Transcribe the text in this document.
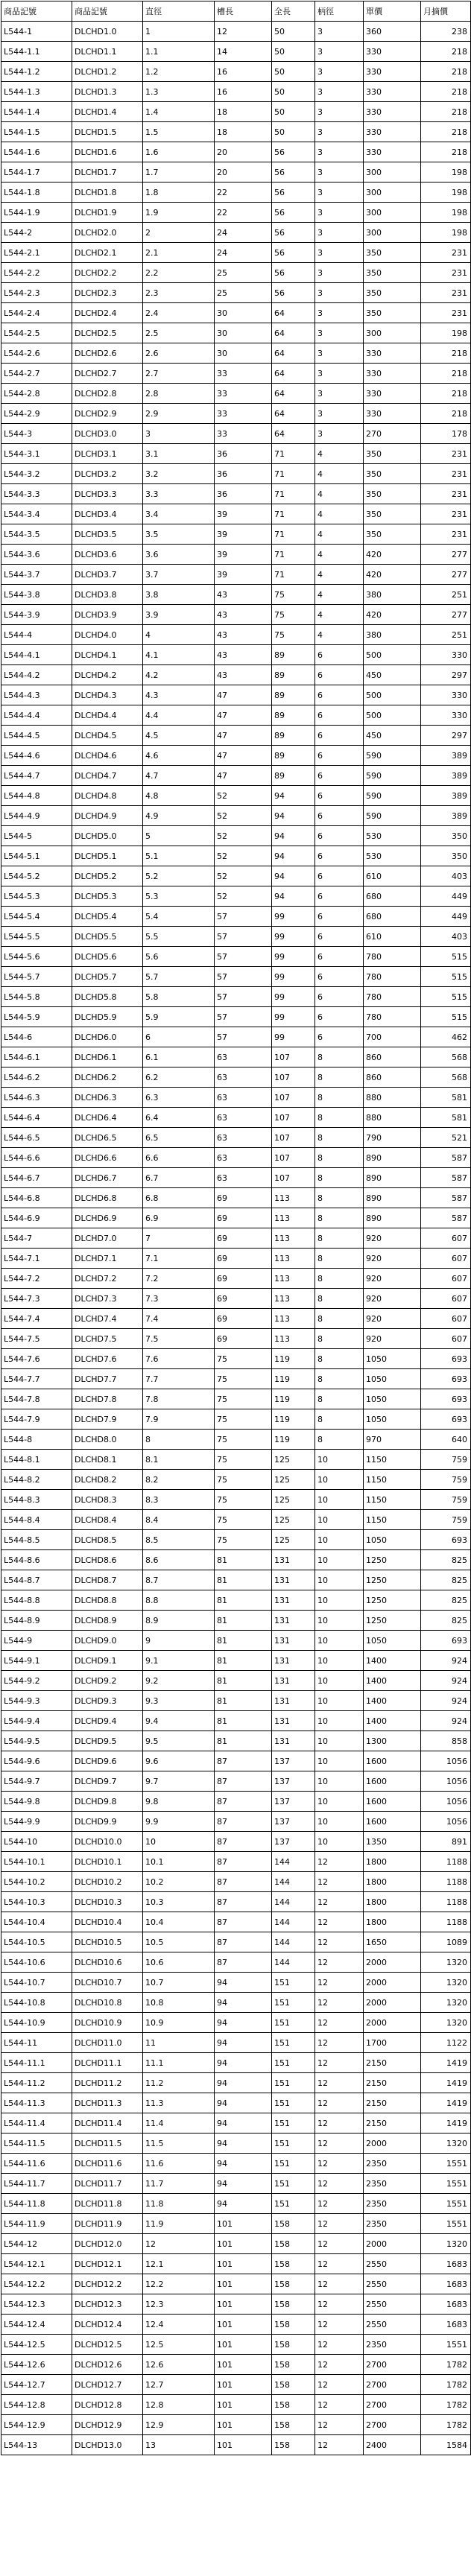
商品記號	商品記號	直徑	槽長	全長	柄徑	單價	月摘價
L544-1	DLCHD1.0	1	12	50	3	360	238
L544-1.1	DLCHD1.1	1.1	14	50	3	330	218
L544-1.2	DLCHD1.2	1.2	16	50	3	330	218
L544-1.3	DLCHD1.3	1.3	16	50	3	330	218
L544-1.4	DLCHD1.4	1.4	18	50	3	330	218
L544-1.5	DLCHD1.5	1.5	18	50	3	330	218
L544-1.6	DLCHD1.6	1.6	20	56	3	330	218
L544-1.7	DLCHD1.7	1.7	20	56	3	300	198
L544-1.8	DLCHD1.8	1.8	22	56	3	300	198
L544-1.9	DLCHD1.9	1.9	22	56	3	300	198
L544-2	DLCHD2.0	2	24	56	3	300	198
L544-2.1	DLCHD2.1	2.1	24	56	3	350	231
L544-2.2	DLCHD2.2	2.2	25	56	3	350	231
L544-2.3	DLCHD2.3	2.3	25	56	3	350	231
L544-2.4	DLCHD2.4	2.4	30	64	3	350	231
L544-2.5	DLCHD2.5	2.5	30	64	3	300	198
L544-2.6	DLCHD2.6	2.6	30	64	3	330	218
L544-2.7	DLCHD2.7	2.7	33	64	3	330	218
L544-2.8	DLCHD2.8	2.8	33	64	3	330	218
L544-2.9	DLCHD2.9	2.9	33	64	3	330	218
L544-3	DLCHD3.0	3	33	64	3	270	178
L544-3.1	DLCHD3.1	3.1	36	71	4	350	231
L544-3.2	DLCHD3.2	3.2	36	71	4	350	231
L544-3.3	DLCHD3.3	3.3	36	71	4	350	231
L544-3.4	DLCHD3.4	3.4	39	71	4	350	231
L544-3.5	DLCHD3.5	3.5	39	71	4	350	231
L544-3.6	DLCHD3.6	3.6	39	71	4	420	277
L544-3.7	DLCHD3.7	3.7	39	71	4	420	277
L544-3.8	DLCHD3.8	3.8	43	75	4	380	251
L544-3.9	DLCHD3.9	3.9	43	75	4	420	277
L544-4	DLCHD4.0	4	43	75	4	380	251
L544-4.1	DLCHD4.1	4.1	43	89	6	500	330
L544-4.2	DLCHD4.2	4.2	43	89	6	450	297
L544-4.3	DLCHD4.3	4.3	47	89	6	500	330
L544-4.4	DLCHD4.4	4.4	47	89	6	500	330
L544-4.5	DLCHD4.5	4.5	47	89	6	450	297
L544-4.6	DLCHD4.6	4.6	47	89	6	590	389
L544-4.7	DLCHD4.7	4.7	47	89	6	590	389
L544-4.8	DLCHD4.8	4.8	52	94	6	590	389
L544-4.9	DLCHD4.9	4.9	52	94	6	590	389
L544-5	DLCHD5.0	5	52	94	6	530	350
L544-5.1	DLCHD5.1	5.1	52	94	6	530	350
L544-5.2	DLCHD5.2	5.2	52	94	6	610	403
L544-5.3	DLCHD5.3	5.3	52	94	6	680	449
L544-5.4	DLCHD5.4	5.4	57	99	6	680	449
L544-5.5	DLCHD5.5	5.5	57	99	6	610	403
L544-5.6	DLCHD5.6	5.6	57	99	6	780	515
L544-5.7	DLCHD5.7	5.7	57	99	6	780	515
L544-5.8	DLCHD5.8	5.8	57	99	6	780	515
L544-5.9	DLCHD5.9	5.9	57	99	6	780	515
L544-6	DLCHD6.0	6	57	99	6	700	462
L544-6.1	DLCHD6.1	6.1	63	107	8	860	568
L544-6.2	DLCHD6.2	6.2	63	107	8	860	568
L544-6.3	DLCHD6.3	6.3	63	107	8	880	581
L544-6.4	DLCHD6.4	6.4	63	107	8	880	581
L544-6.5	DLCHD6.5	6.5	63	107	8	790	521
L544-6.6	DLCHD6.6	6.6	63	107	8	890	587
L544-6.7	DLCHD6.7	6.7	63	107	8	890	587
L544-6.8	DLCHD6.8	6.8	69	113	8	890	587
L544-6.9	DLCHD6.9	6.9	69	113	8	890	587
L544-7	DLCHD7.0	7	69	113	8	920	607
L544-7.1	DLCHD7.1	7.1	69	113	8	920	607
L544-7.2	DLCHD7.2	7.2	69	113	8	920	607
L544-7.3	DLCHD7.3	7.3	69	113	8	920	607
L544-7.4	DLCHD7.4	7.4	69	113	8	920	607
L544-7.5	DLCHD7.5	7.5	69	113	8	920	607
L544-7.6	DLCHD7.6	7.6	75	119	8	1050	693
L544-7.7	DLCHD7.7	7.7	75	119	8	1050	693
L544-7.8	DLCHD7.8	7.8	75	119	8	1050	693
L544-7.9	DLCHD7.9	7.9	75	119	8	1050	693
L544-8	DLCHD8.0	8	75	119	8	970	640
L544-8.1	DLCHD8.1	8.1	75	125	10	1150	759
L544-8.2	DLCHD8.2	8.2	75	125	10	1150	759
L544-8.3	DLCHD8.3	8.3	75	125	10	1150	759
L544-8.4	DLCHD8.4	8.4	75	125	10	1150	759
L544-8.5	DLCHD8.5	8.5	75	125	10	1050	693
L544-8.6	DLCHD8.6	8.6	81	131	10	1250	825
L544-8.7	DLCHD8.7	8.7	81	131	10	1250	825
L544-8.8	DLCHD8.8	8.8	81	131	10	1250	825
L544-8.9	DLCHD8.9	8.9	81	131	10	1250	825
L544-9	DLCHD9.0	9	81	131	10	1050	693
L544-9.1	DLCHD9.1	9.1	81	131	10	1400	924
L544-9.2	DLCHD9.2	9.2	81	131	10	1400	924
L544-9.3	DLCHD9.3	9.3	81	131	10	1400	924
L544-9.4	DLCHD9.4	9.4	81	131	10	1400	924
L544-9.5	DLCHD9.5	9.5	81	131	10	1300	858
L544-9.6	DLCHD9.6	9.6	87	137	10	1600	1056
L544-9.7	DLCHD9.7	9.7	87	137	10	1600	1056
L544-9.8	DLCHD9.8	9.8	87	137	10	1600	1056
L544-9.9	DLCHD9.9	9.9	87	137	10	1600	1056
L544-10	DLCHD10.0	10	87	137	10	1350	891
L544-10.1	DLCHD10.1	10.1	87	144	12	1800	1188
L544-10.2	DLCHD10.2	10.2	87	144	12	1800	1188
L544-10.3	DLCHD10.3	10.3	87	144	12	1800	1188
L544-10.4	DLCHD10.4	10.4	87	144	12	1800	1188
L544-10.5	DLCHD10.5	10.5	87	144	12	1650	1089
L544-10.6	DLCHD10.6	10.6	87	144	12	2000	1320
L544-10.7	DLCHD10.7	10.7	94	151	12	2000	1320
L544-10.8	DLCHD10.8	10.8	94	151	12	2000	1320
L544-10.9	DLCHD10.9	10.9	94	151	12	2000	1320
L544-11	DLCHD11.0	11	94	151	12	1700	1122
L544-11.1	DLCHD11.1	11.1	94	151	12	2150	1419
L544-11.2	DLCHD11.2	11.2	94	151	12	2150	1419
L544-11.3	DLCHD11.3	11.3	94	151	12	2150	1419
L544-11.4	DLCHD11.4	11.4	94	151	12	2150	1419
L544-11.5	DLCHD11.5	11.5	94	151	12	2000	1320
L544-11.6	DLCHD11.6	11.6	94	151	12	2350	1551
L544-11.7	DLCHD11.7	11.7	94	151	12	2350	1551
L544-11.8	DLCHD11.8	11.8	94	151	12	2350	1551
L544-11.9	DLCHD11.9	11.9	101	158	12	2350	1551
L544-12	DLCHD12.0	12	101	158	12	2000	1320
L544-12.1	DLCHD12.1	12.1	101	158	12	2550	1683
L544-12.2	DLCHD12.2	12.2	101	158	12	2550	1683
L544-12.3	DLCHD12.3	12.3	101	158	12	2550	1683
L544-12.4	DLCHD12.4	12.4	101	158	12	2550	1683
L544-12.5	DLCHD12.5	12.5	101	158	12	2350	1551
L544-12.6	DLCHD12.6	12.6	101	158	12	2700	1782
L544-12.7	DLCHD12.7	12.7	101	158	12	2700	1782
L544-12.8	DLCHD12.8	12.8	101	158	12	2700	1782
L544-12.9	DLCHD12.9	12.9	101	158	12	2700	1782
L544-13	DLCHD13.0	13	101	158	12	2400	1584
